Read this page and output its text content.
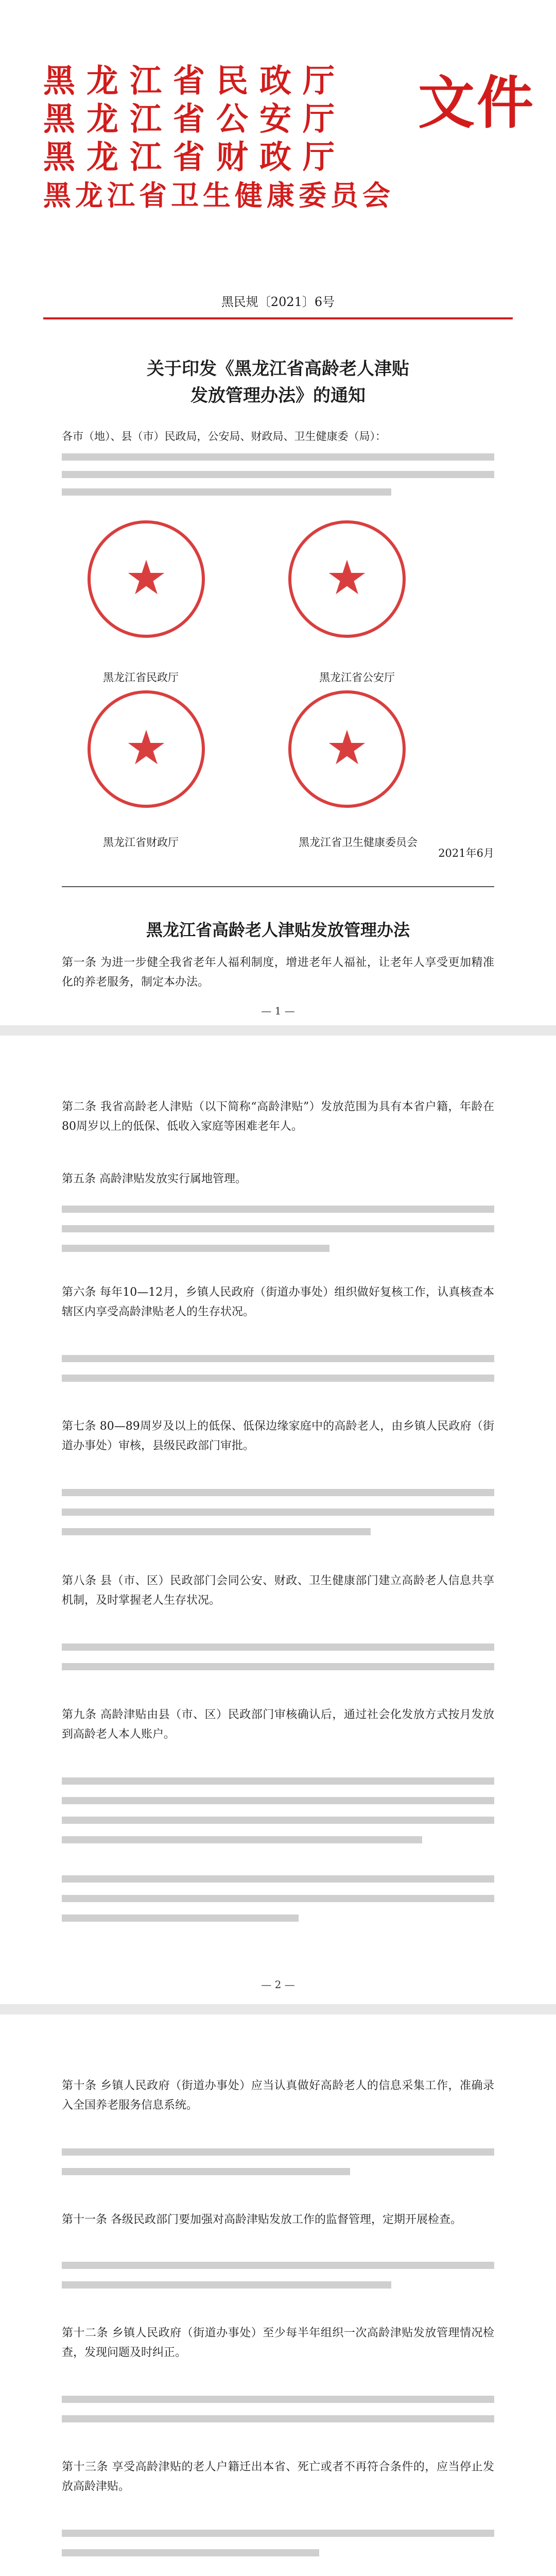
黑龙江省民政厅
黑龙江省公安厅
黑龙江省财政厅
黑龙江省卫生健康委员会
文件
黑民规〔2021〕6号
关于印发《黑龙江省高龄老人津贴
发放管理办法》的通知
各市（地）、县（市）民政局，公安局、财政局、卫生健康委（局）：
★	★
★	★
黑龙江省民政厅	黑龙江省公安厅
黑龙江省财政厅	黑龙江省卫生健康委员会
2021年6月
黑龙江省高龄老人津贴发放管理办法
第一条 为进一步健全我省老年人福利制度，增进老年人福祉，让老年人享受更加精准化的养老服务，制定本办法。
— 1 —
第二条 我省高龄老人津贴（以下简称“高龄津贴”）发放范围为具有本省户籍，年龄在80周岁以上的低保、低收入家庭等困难老年人。
第五条 高龄津贴发放实行属地管理。
第六条 每年10—12月，乡镇人民政府（街道办事处）组织做好复核工作，认真核查本辖区内享受高龄津贴老人的生存状况。
第七条 80—89周岁及以上的低保、低保边缘家庭中的高龄老人，由乡镇人民政府（街道办事处）审核，县级民政部门审批。
第八条 县（市、区）民政部门会同公安、财政、卫生健康部门建立高龄老人信息共享机制，及时掌握老人生存状况。
第九条 高龄津贴由县（市、区）民政部门审核确认后，通过社会化发放方式按月发放到高龄老人本人账户。
— 2 —
第十条 乡镇人民政府（街道办事处）应当认真做好高龄老人的信息采集工作，准确录入全国养老服务信息系统。
第十一条 各级民政部门要加强对高龄津贴发放工作的监督管理，定期开展检查。
第十二条 乡镇人民政府（街道办事处）至少每半年组织一次高龄津贴发放管理情况检查，发现问题及时纠正。
第十三条 享受高龄津贴的老人户籍迁出本省、死亡或者不再符合条件的，应当停止发放高龄津贴。
